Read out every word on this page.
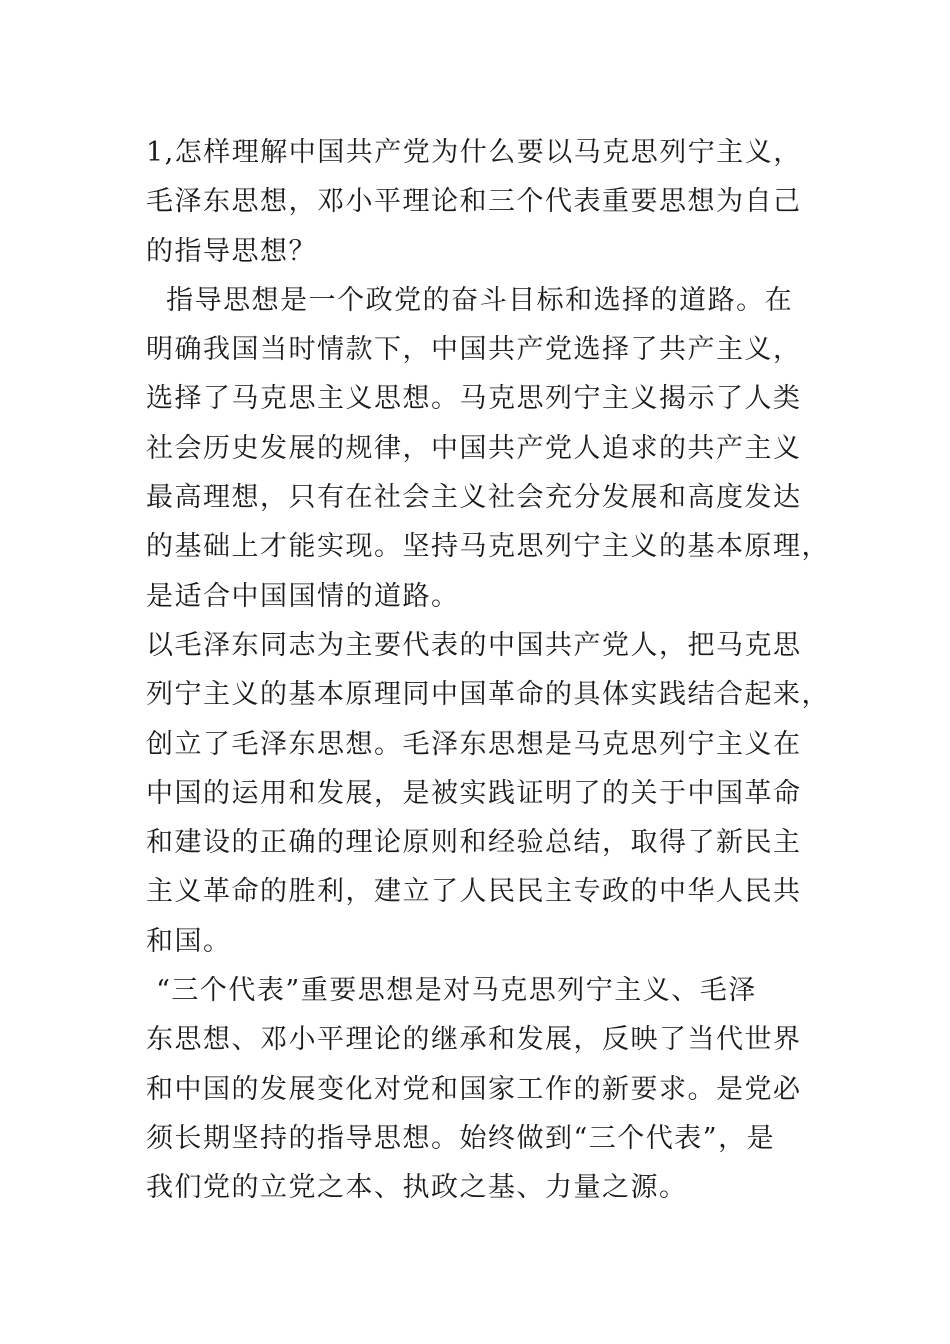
1,怎样理解中国共产党为什么要以马克思列宁主义，
毛泽东思想，邓小平理论和三个代表重要思想为自己
的指导思想？
指导思想是一个政党的奋斗目标和选择的道路。在
明确我国当时情款下，中国共产党选择了共产主义，
选择了马克思主义思想。马克思列宁主义揭示了人类
社会历史发展的规律，中国共产党人追求的共产主义
最高理想，只有在社会主义社会充分发展和高度发达
的基础上才能实现。坚持马克思列宁主义的基本原理，
是适合中国国情的道路。
以毛泽东同志为主要代表的中国共产党人，把马克思
列宁主义的基本原理同中国革命的具体实践结合起来，
创立了毛泽东思想。毛泽东思想是马克思列宁主义在
中国的运用和发展，是被实践证明了的关于中国革命
和建设的正确的理论原则和经验总结，取得了新民主
主义革命的胜利，建立了人民民主专政的中华人民共
和国。
“三个代表”重要思想是对马克思列宁主义、毛泽
东思想、邓小平理论的继承和发展，反映了当代世界
和中国的发展变化对党和国家工作的新要求。是党必
须长期坚持的指导思想。始终做到“三个代表”，是
我们党的立党之本、执政之基、力量之源。
